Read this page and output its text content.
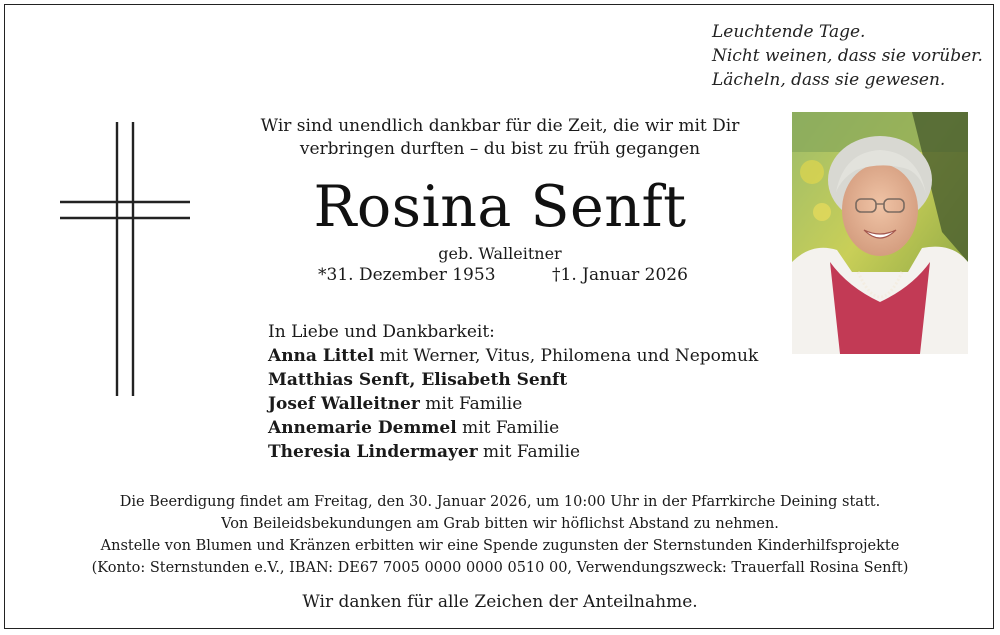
Leuchtende Tage.
Nicht weinen, dass sie vorüber.
Lächeln, dass sie gewesen.
Wir sind unendlich dankbar für die Zeit, die wir mit Dir
verbringen durften – du bist zu früh gegangen
Rosina Senft
geb. Walleitner
*31. Dezember 1953	†1. Januar 2026
In Liebe und Dankbarkeit:
Anna Littel mit Werner, Vitus, Philomena und Nepomuk
Matthias Senft, Elisabeth Senft
Josef Walleitner mit Familie
Annemarie Demmel mit Familie
Theresia Lindermayer mit Familie
Die Beerdigung findet am Freitag, den 30. Januar 2026, um 10:00 Uhr in der Pfarrkirche Deining statt.
Von Beileidsbekundungen am Grab bitten wir höflichst Abstand zu nehmen.
Anstelle von Blumen und Kränzen erbitten wir eine Spende zugunsten der Sternstunden Kinderhilfsprojekte
(Konto: Sternstunden e.V., IBAN: DE67 7005 0000 0000 0510 00, Verwendungszweck: Trauerfall Rosina Senft)
Wir danken für alle Zeichen der Anteilnahme.
